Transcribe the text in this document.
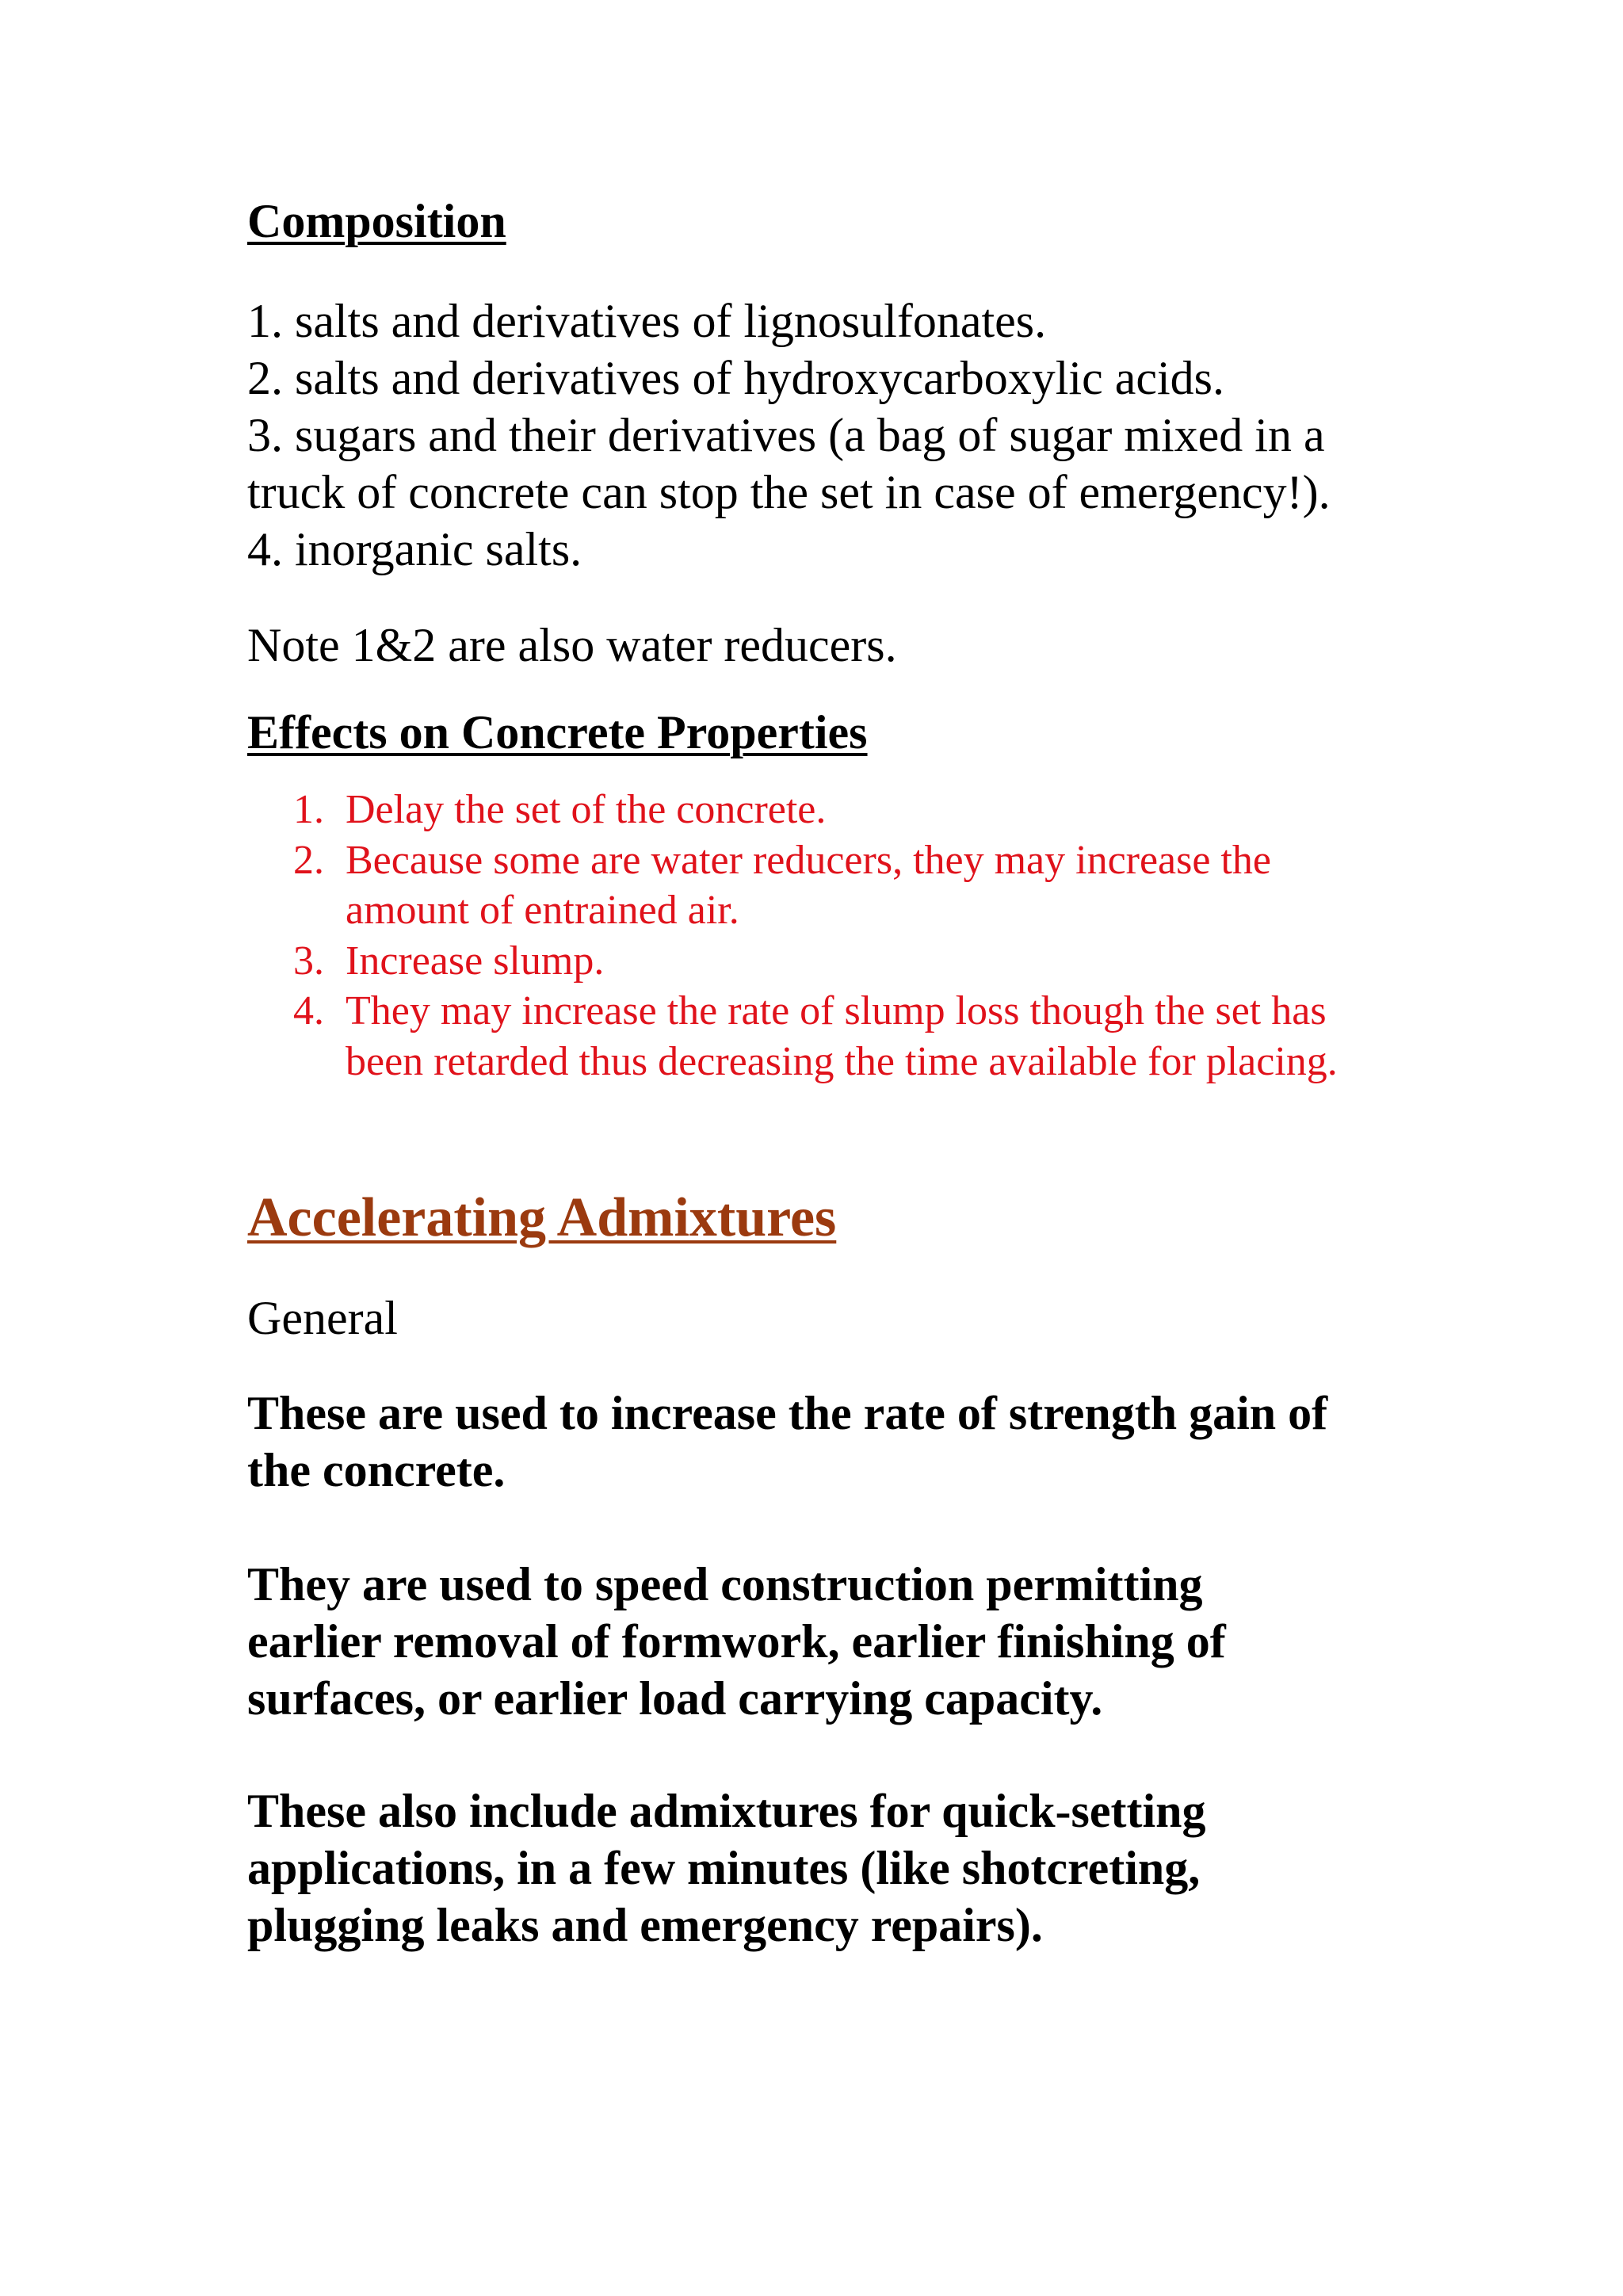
Composition
1. salts and derivatives of lignosulfonates.
2. salts and derivatives of hydroxycarboxylic acids.
3. sugars and their derivatives (a bag of sugar mixed in a
truck of concrete can stop the set in case of emergency!).
4. inorganic salts.

Note 1&2 are also water reducers.

Effects on Concrete Properties
1. Delay the set of the concrete.
2. Because some are water reducers, they may increase the amount of entrained air.
3. Increase slump.
4. They may increase the rate of slump loss though the set has been retarded thus decreasing the time available for placing.
Accelerating Admixtures

General

These are used to increase the rate of strength gain of
the concrete.

They are used to speed construction permitting
earlier removal of formwork, earlier finishing of
surfaces, or earlier load carrying capacity.

These also include admixtures for quick-setting
applications, in a few minutes (like shotcreting,
plugging leaks and emergency repairs).
